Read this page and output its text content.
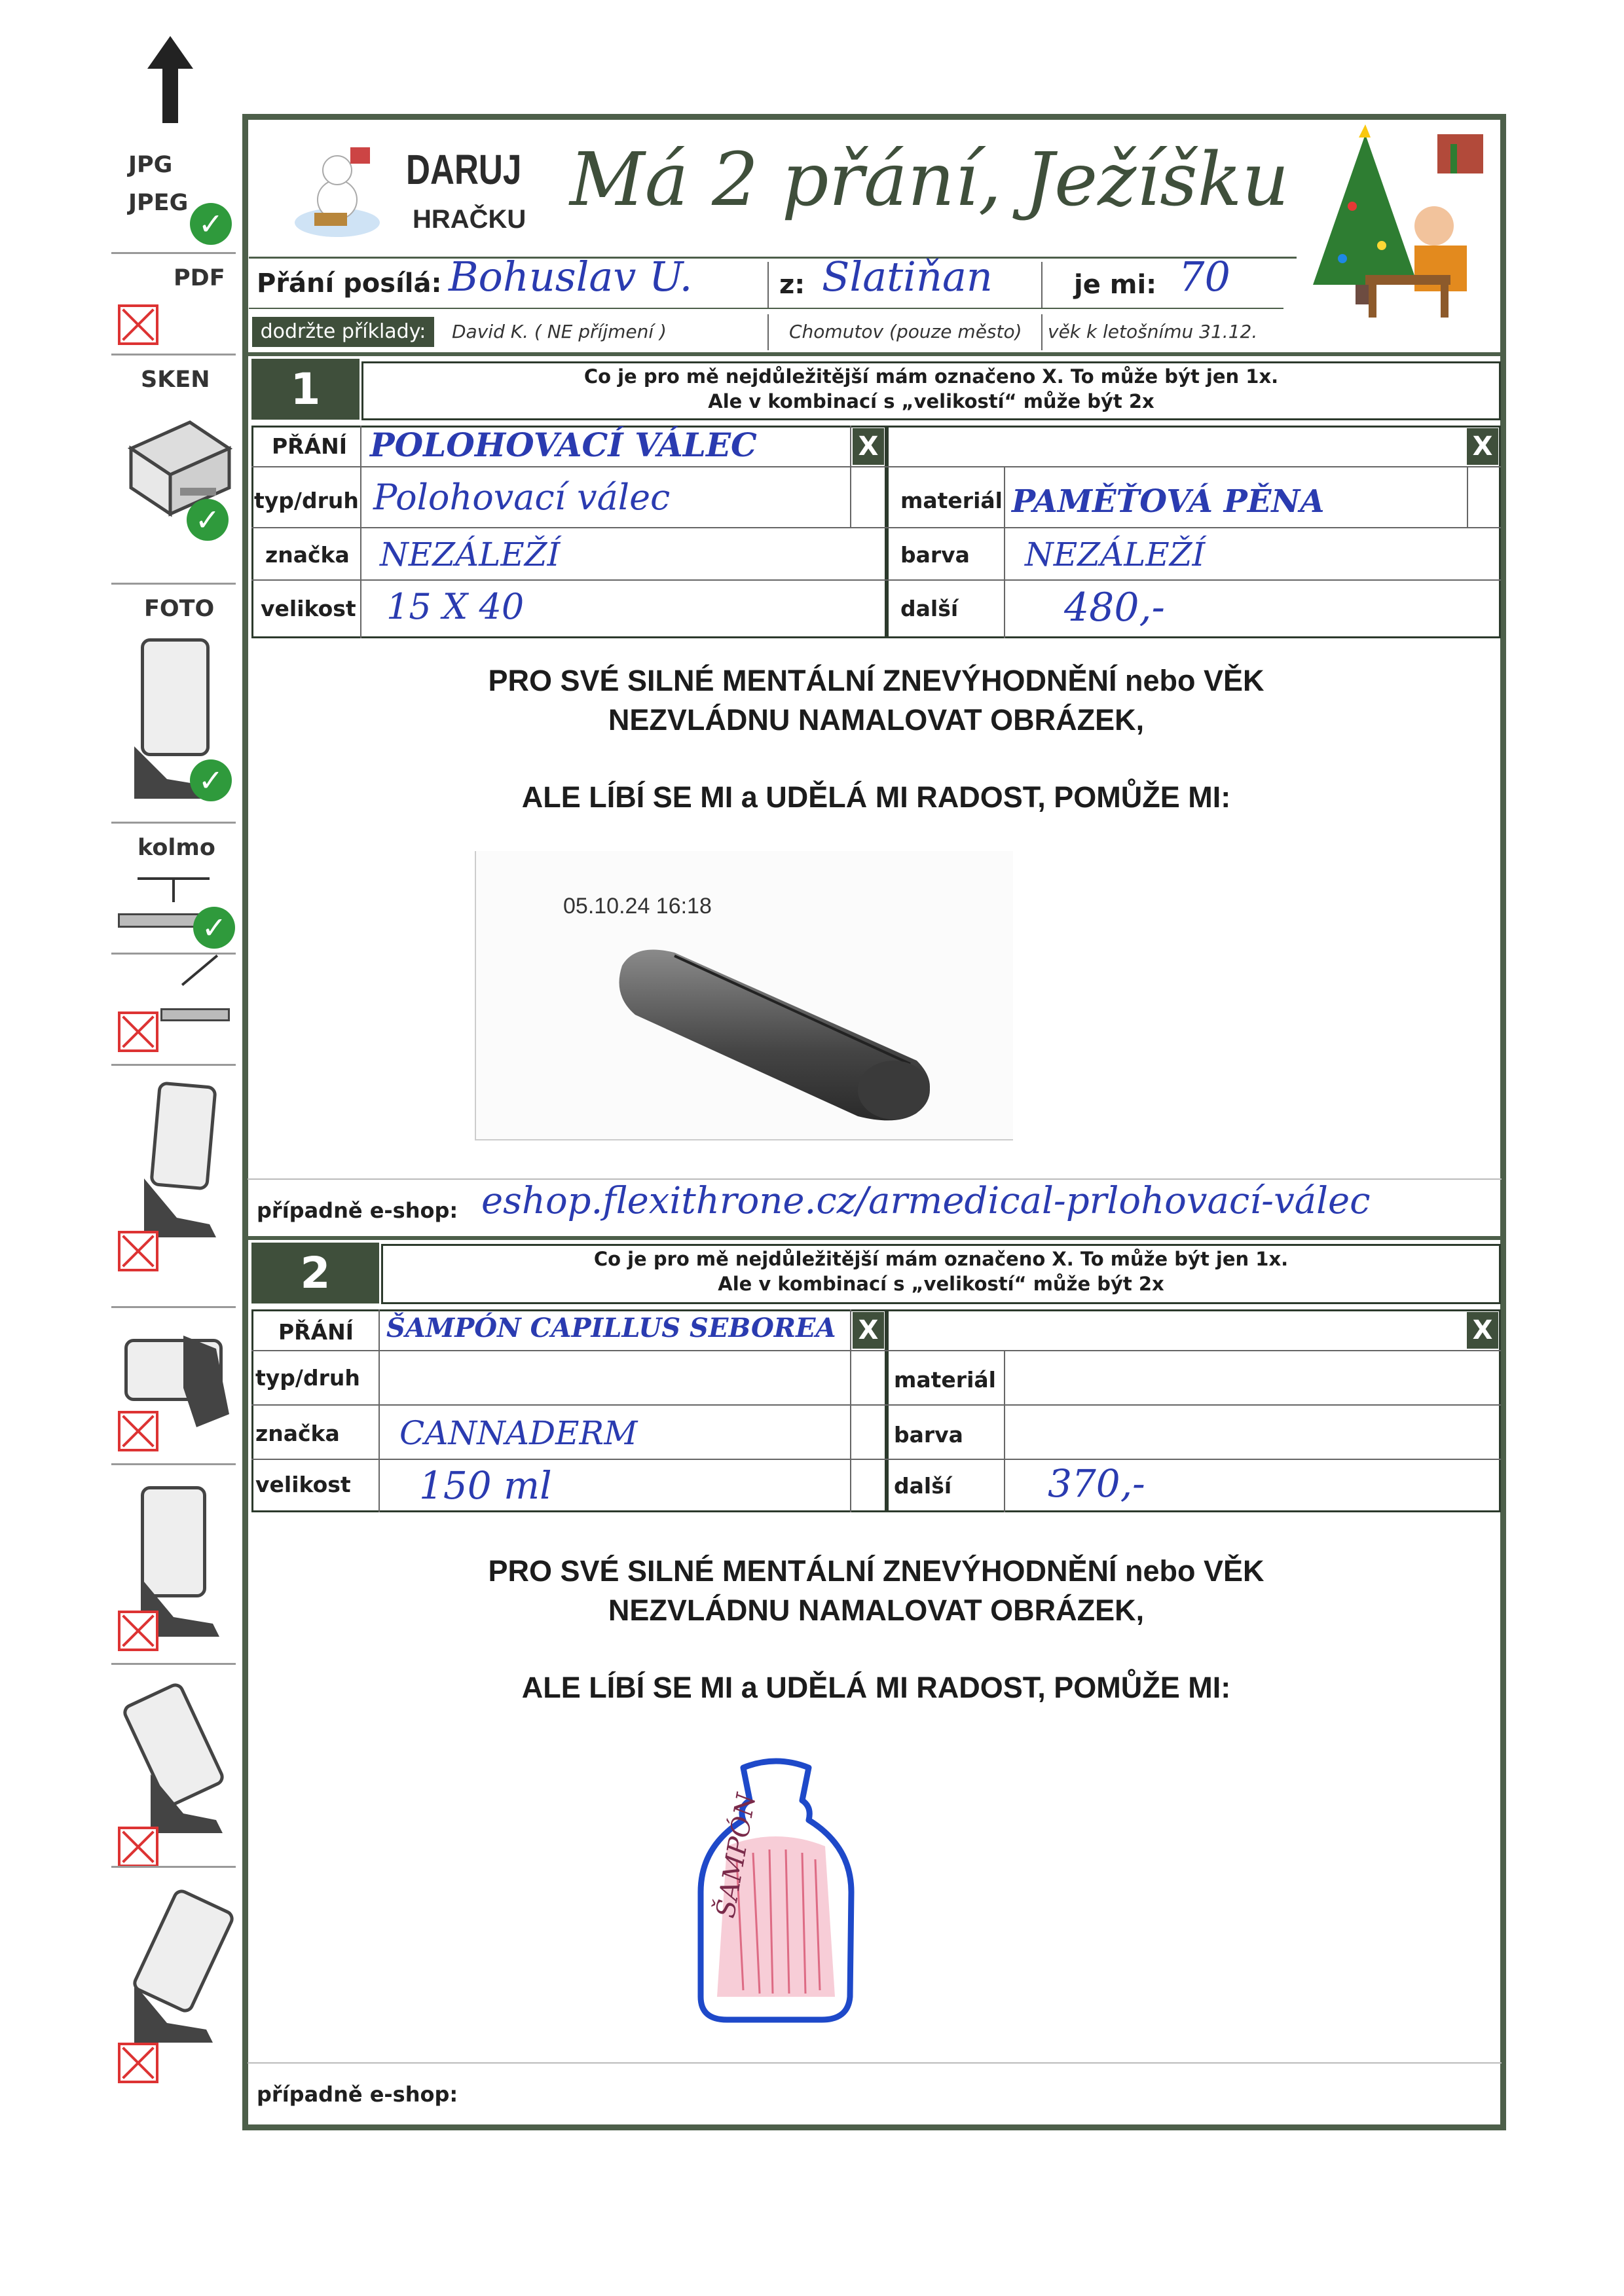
JPG
JPEG
✓
PDF
SKEN
✓
FOTO
✓
kolmo
✓
DARUJ
HRAČKU Má 2 přání, Ježíšku
Přání posílá: Bohuslav U.	z: Slatiňan	je mi: 70
dodržte příklady:	David K. ( NE příjmení )	Chomutov (pouze město) věk k letošnímu 31.12.
1	Co je pro mě nejdůležitější mám označeno X. To může být jen 1x.
Ale v kombinací s „velikostí“ může být 2x
PŘÁNÍ POLOHOVACÍ VÁLEC	X
typ/druh Polohovací válec
značka NEZÁLEŽÍ
velikost 15 X 40
X
materiál PAMĚŤOVÁ PĚNA
barva NEZÁLEŽÍ
další	480,-
PRO SVÉ SILNÉ MENTÁLNÍ ZNEVÝHODNĚNÍ nebo VĚK
NEZVLÁDNU NAMALOVAT OBRÁZEK,
ALE LÍBÍ SE MI a UDĚLÁ MI RADOST, POMŮŽE MI:
05.10.24 16:18
případně e-shop: eshop.flexithrone.cz/armedical-prlohovací-válec
2	Co je pro mě nejdůležitější mám označeno X. To může být jen 1x.
Ale v kombinací s „velikostí“ může být 2x
PŘÁNÍ ŠAMPÓN CAPILLUS SEBOREA X
typ/druh
značka CANNADERM
velikost 150 ml
X
materiál
barva
další	370,-
PRO SVÉ SILNÉ MENTÁLNÍ ZNEVÝHODNĚNÍ nebo VĚK
NEZVLÁDNU NAMALOVAT OBRÁZEK,
ALE LÍBÍ SE MI a UDĚLÁ MI RADOST, POMŮŽE MI:
ŠAMPÓN
případně e-shop:
